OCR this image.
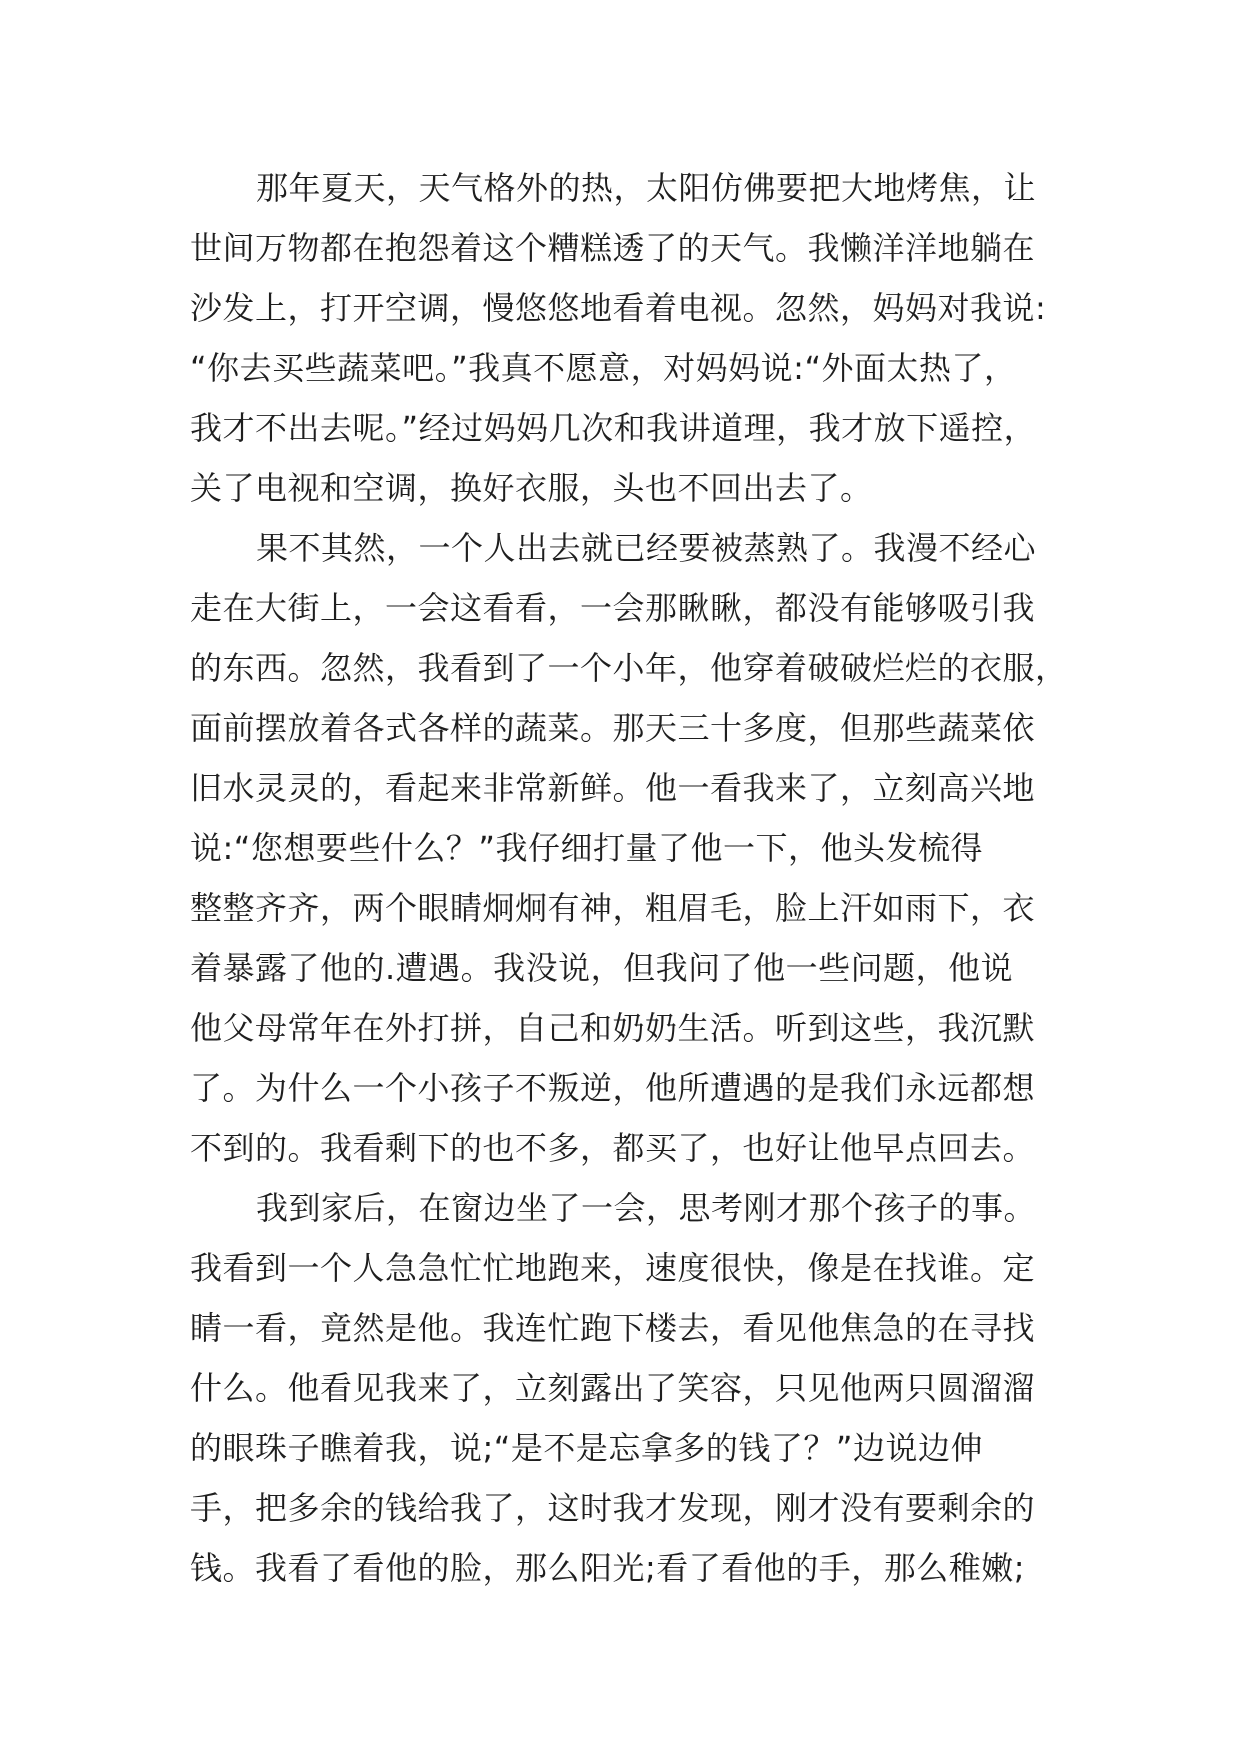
那年夏天，天气格外的热，太阳仿佛要把大地烤焦，让
世间万物都在抱怨着这个糟糕透了的天气。我懒洋洋地躺在
沙发上，打开空调，慢悠悠地看着电视。忽然，妈妈对我说:
“你去买些蔬菜吧。”我真不愿意，对妈妈说:“外面太热了，
我才不出去呢。”经过妈妈几次和我讲道理，我才放下遥控，
关了电视和空调，换好衣服，头也不回出去了。
果不其然，一个人出去就已经要被蒸熟了。我漫不经心
走在大街上，一会这看看，一会那瞅瞅，都没有能够吸引我
的东西。忽然，我看到了一个小年，他穿着破破烂烂的衣服，
面前摆放着各式各样的蔬菜。那天三十多度，但那些蔬菜依
旧水灵灵的，看起来非常新鲜。他一看我来了，立刻高兴地
说:“您想要些什么？”我仔细打量了他一下，他头发梳得
整整齐齐，两个眼睛炯炯有神，粗眉毛，脸上汗如雨下，衣
着暴露了他的.遭遇。我没说，但我问了他一些问题，他说
他父母常年在外打拼，自己和奶奶生活。听到这些，我沉默
了。为什么一个小孩子不叛逆，他所遭遇的是我们永远都想
不到的。我看剩下的也不多，都买了，也好让他早点回去。
我到家后，在窗边坐了一会，思考刚才那个孩子的事。
我看到一个人急急忙忙地跑来，速度很快，像是在找谁。定
睛一看，竟然是他。我连忙跑下楼去，看见他焦急的在寻找
什么。他看见我来了，立刻露出了笑容，只见他两只圆溜溜
的眼珠子瞧着我，说;“是不是忘拿多的钱了？”边说边伸
手，把多余的钱给我了，这时我才发现，刚才没有要剩余的
钱。我看了看他的脸，那么阳光;看了看他的手，那么稚嫩;
